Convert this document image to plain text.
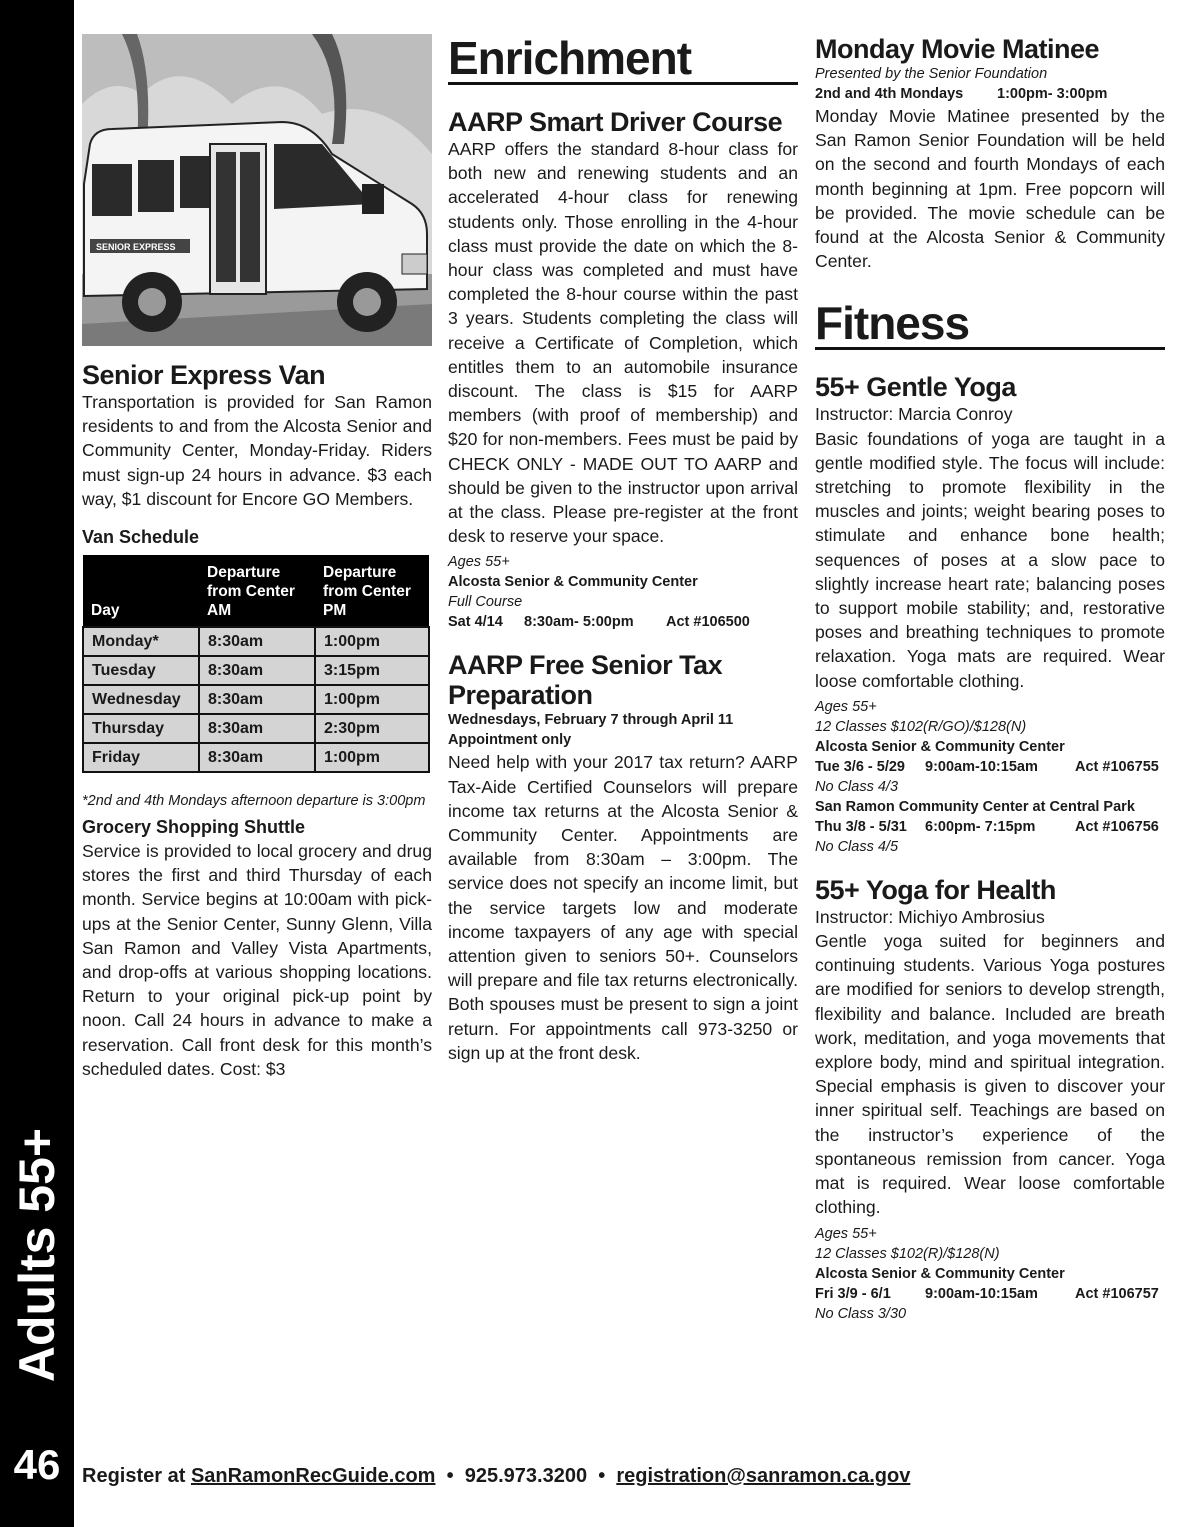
Adults 55+
46
SENIOR EXPRESS
Senior Express Van

Transportation is provided for San Ramon residents to and from the Alcosta Senior and Community Center, Monday-Friday. Riders must sign-up 24 hours in advance. $3 each way, $1 discount for Encore GO Members.

Van Schedule
Day	Departure from Center AM	Departure from Center PM
Monday*	8:30am	1:00pm
Tuesday	8:30am	3:15pm
Wednesday	8:30am	1:00pm
Thursday	8:30am	2:30pm
Friday	8:30am	1:00pm

*2nd and 4th Mondays afternoon departure is 3:00pm

Grocery Shopping Shuttle

Service is provided to local grocery and drug stores the first and third Thursday of each month. Service begins at 10:00am with pick-ups at the Senior Center, Sunny Glenn, Villa San Ramon and Valley Vista Apartments, and drop-offs at various shopping locations. Return to your original pick-up point by noon. Call 24 hours in advance to make a reservation. Call front desk for this month’s scheduled dates. Cost: $3

Enrichment
AARP Smart Driver Course

AARP offers the standard 8-hour class for both new and renewing students and an accelerated 4-hour class for renewing students only. Those enrolling in the 4-hour class must provide the date on which the 8-hour class was completed and must have completed the 8-hour course within the past 3 years. Students completing the class will receive a Certificate of Completion, which entitles them to an automobile insurance discount. The class is $15 for AARP members (with proof of membership) and $20 for non-members. Fees must be paid by CHECK ONLY - MADE OUT TO AARP and should be given to the instructor upon arrival at the class. Please pre-register at the front desk to reserve your space.

Ages 55+
Alcosta Senior & Community Center
Full Course
Sat 4/14	8:30am- 5:00pm	Act #106500
AARP Free Senior Tax Preparation
Wednesdays, February 7 through April 11
Appointment only

Need help with your 2017 tax return? AARP Tax-Aide Certified Counselors will prepare income tax returns at the Alcosta Senior & Community Center. Appointments are available from 8:30am – 3:00pm. The service does not specify an income limit, but the service targets low and moderate income taxpayers of any age with special attention given to seniors 50+. Counselors will prepare and file tax returns electronically. Both spouses must be present to sign a joint return. For appointments call 973-3250 or sign up at the front desk.

Monday Movie Matinee
Presented by the Senior Foundation
2nd and 4th Mondays	1:00pm- 3:00pm

Monday Movie Matinee presented by the San Ramon Senior Foundation will be held on the second and fourth Mondays of each month beginning at 1pm. Free popcorn will be provided. The movie schedule can be found at the Alcosta Senior & Community Center.

Fitness
55+ Gentle Yoga
Instructor: Marcia Conroy

Basic foundations of yoga are taught in a gentle modified style. The focus will include: stretching to promote flexibility in the muscles and joints; weight bearing poses to stimulate and enhance bone health; sequences of poses at a slow pace to slightly increase heart rate; balancing poses to support mobile stability; and, restorative poses and breathing techniques to promote relaxation. Yoga mats are required. Wear loose comfortable clothing.

Ages 55+
12 Classes $102(R/GO)/$128(N)
Alcosta Senior & Community Center
Tue 3/6 - 5/29	9:00am-10:15am	Act #106755
No Class 4/3
San Ramon Community Center at Central Park
Thu 3/8 - 5/31	6:00pm- 7:15pm	Act #106756
No Class 4/5
55+ Yoga for Health
Instructor: Michiyo Ambrosius

Gentle yoga suited for beginners and continuing students. Various Yoga postures are modified for seniors to develop strength, flexibility and balance. Included are breath work, meditation, and yoga movements that explore body, mind and spiritual integration. Special emphasis is given to discover your inner spiritual self. Teachings are based on the instructor’s experience of the spontaneous remission from cancer. Yoga mat is required. Wear loose comfortable clothing.

Ages 55+
12 Classes $102(R)/$128(N)
Alcosta Senior & Community Center
Fri 3/9 - 6/1	9:00am-10:15am	Act #106757
No Class 3/30
Register at SanRamonRecGuide.com • 925.973.3200 • registration@sanramon.ca.gov
